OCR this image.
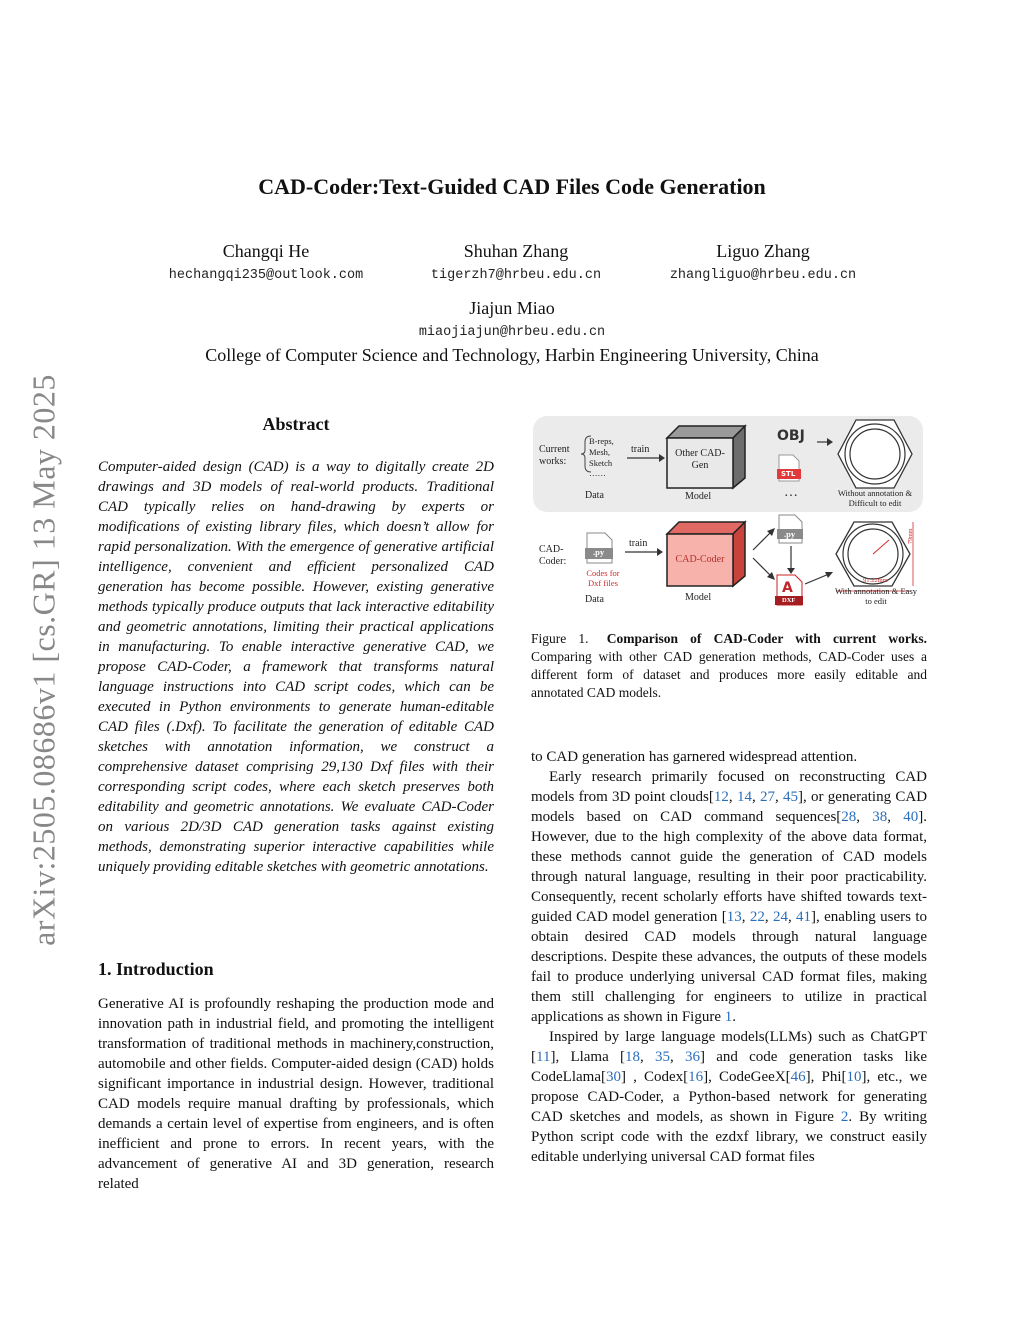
arXiv:2505.08686v1 [cs.GR] 13 May 2025
CAD-Coder:Text-Guided CAD Files Code Generation
Changqi He
hechangqi235@outlook.com
Shuhan Zhang
tigerzh7@hrbeu.edu.cn
Liguo Zhang
zhangliguo@hrbeu.edu.cn
Jiajun Miao
miaojiajun@hrbeu.edu.cn
College of Computer Science and Technology, Harbin Engineering University, China
Abstract
Computer-aided design (CAD) is a way to digitally create 2D drawings and 3D models of real-world products. Traditional CAD typically relies on hand-drawing by experts or modifications of existing library files, which doesn’t allow for rapid personalization. With the emergence of generative artificial intelligence, convenient and efficient personalized CAD generation has become possible. However, existing generative methods typically produce outputs that lack interactive editability and geometric annotations, limiting their practical applications in manufacturing. To enable interactive generative CAD, we propose CAD-Coder, a framework that transforms natural language instructions into CAD script codes, which can be executed in Python environments to generate human-editable CAD files (.Dxf). To facilitate the generation of editable CAD sketches with annotation information, we construct a comprehensive dataset comprising 29,130 Dxf files with their corresponding script codes, where each sketch preserves both editability and geometric annotations. We evaluate CAD-Coder on various 2D/3D CAD generation tasks against existing methods, demonstrating superior interactive capabilities while uniquely providing editable sketches with geometric annotations.
1. Introduction
Generative AI is profoundly reshaping the production mode and innovation path in industrial field, and promoting the intelligent transformation of traditional methods in machinery,construction, automobile and other fields. Computer-aided design (CAD) holds significant importance in industrial design. However, traditional CAD models require manual drafting by professionals, which demands a certain level of expertise from engineers, and is often inefficient and prone to errors. In recent years, with the advancement of generative AI and 3D generation, research related
Current works:
B-reps,
Mesh,
Sketch
……
Data
train	Other CAD-Gen
Model
OBJ
STL
…	Without annotation & Difficult to edit
CAD-Coder:
.py
Codes for Dxf files
Data
train
CAD-Coder
Model
.py
A
DXF
79mm
91.22mm
With annotation & Easy to edit
Figure 1. Comparison of CAD-Coder with current works. Comparing with other CAD generation methods, CAD-Coder uses a different form of dataset and produces more easily editable and annotated CAD models.

to CAD generation has garnered widespread attention.

Early research primarily focused on reconstructing CAD models from 3D point clouds[12, 14, 27, 45], or generating CAD models based on CAD command sequences[28, 38, 40]. However, due to the high complexity of the above data format, these methods cannot guide the generation of CAD models through natural language, resulting in their poor practicability. Consequently, recent scholarly efforts have shifted towards text-guided CAD model generation [13, 22, 24, 41], enabling users to obtain desired CAD models through natural language descriptions. Despite these advances, the outputs of these models fail to produce underlying universal CAD format files, making them still challenging for engineers to utilize in practical applications as shown in Figure 1.

Inspired by large language models(LLMs) such as ChatGPT [11], Llama [18, 35, 36] and code generation tasks like CodeLlama[30] , Codex[16], CodeGeeX[46], Phi[10], etc., we propose CAD-Coder, a Python-based network for generating CAD sketches and models, as shown in Figure 2. By writing Python script code with the ezdxf library, we construct easily editable underlying universal CAD format files
